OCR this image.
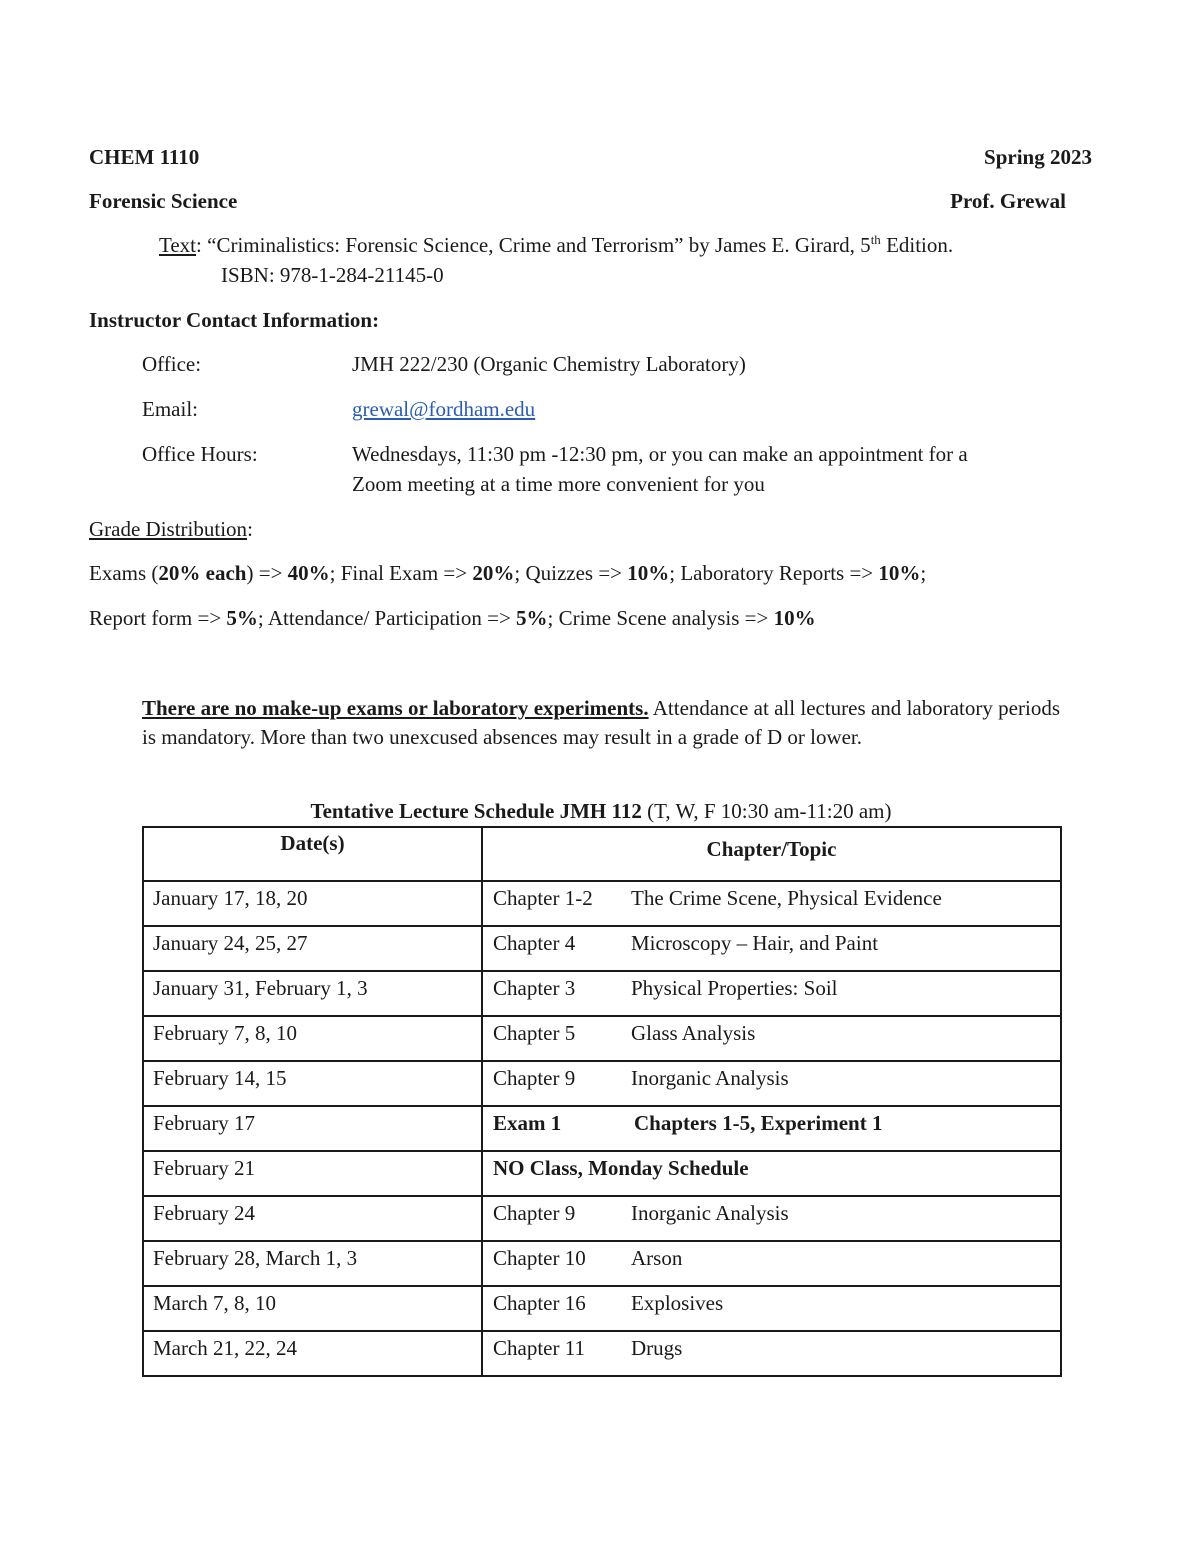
CHEM 1110	Spring 2023
Forensic Science	Prof. Grewal
Text: “Criminalistics: Forensic Science, Crime and Terrorism” by James E. Girard, 5th Edition.
ISBN: 978-1-284-21145-0
Instructor Contact Information:
Office:	JMH 222/230 (Organic Chemistry Laboratory)
Email:	grewal@fordham.edu
Office Hours:	Wednesdays, 11:30 pm -12:30 pm, or you can make an appointment for a
Zoom meeting at a time more convenient for you
Grade Distribution:
Exams (20% each) => 40%; Final Exam => 20%; Quizzes => 10%; Laboratory Reports => 10%;
Report form => 5%; Attendance/ Participation => 5%; Crime Scene analysis => 10%
There are no make-up exams or laboratory experiments. Attendance at all lectures and laboratory periods is mandatory. More than two unexcused absences may result in a grade of D or lower.
Tentative Lecture Schedule JMH 112 (T, W, F 10:30 am-11:20 am)
Date(s)	Chapter/Topic
January 17, 18, 20	Chapter 1-2 The Crime Scene, Physical Evidence
January 24, 25, 27	Chapter 4 Microscopy – Hair, and Paint
January 31, February 1, 3	Chapter 3 Physical Properties: Soil
February 7, 8, 10	Chapter 5 Glass Analysis
February 14, 15	Chapter 9 Inorganic Analysis
February 17	Exam 1 Chapters 1-5, Experiment 1
February 21	NO Class, Monday Schedule
February 24	Chapter 9 Inorganic Analysis
February 28, March 1, 3	Chapter 10 Arson
March 7, 8, 10	Chapter 16 Explosives
March 21, 22, 24	Chapter 11 Drugs
